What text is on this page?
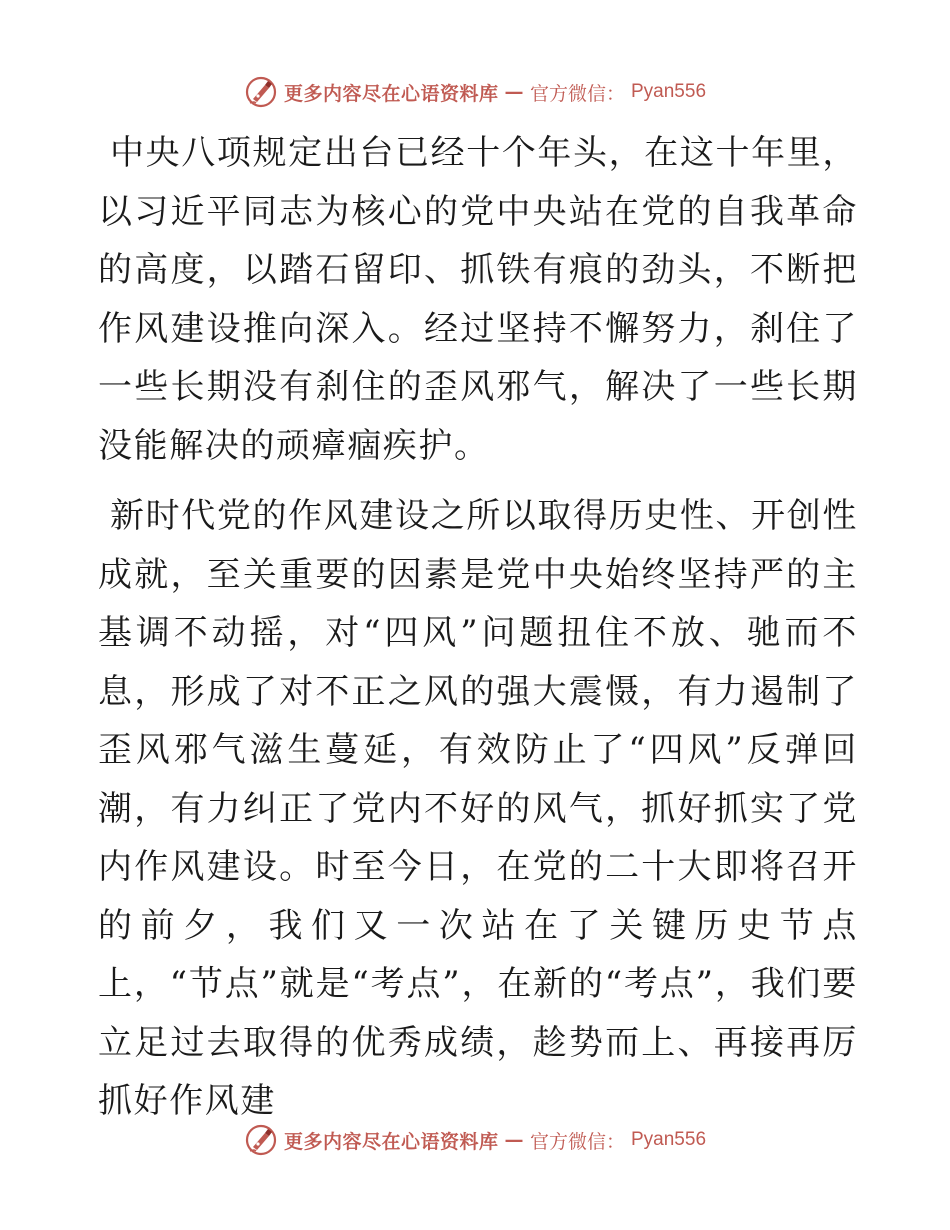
更多内容尽在心语资料库 — 官方微信： Pyan556

中央八项规定出台已经十个年头，在这十年里，以习近平同志为核心的党中央站在党的自我革命的高度，以踏石留印、抓铁有痕的劲头，不断把作风建设推向深入。经过坚持不懈努力，刹住了一些长期没有刹住的歪风邪气，解决了一些长期没能解决的顽瘴痼疾护。

新时代党的作风建设之所以取得历史性、开创性成就，至关重要的因素是党中央始终坚持严的主基调不动摇，对“四风”问题扭住不放、驰而不息，形成了对不正之风的强大震慑，有力遏制了歪风邪气滋生蔓延，有效防止了“四风”反弹回潮，有力纠正了党内不好的风气，抓好抓实了党内作风建设。时至今日，在党的二十大即将召开的前夕，我们又一次站在了关键历史节点上，“节点”就是“考点”，在新的“考点”，我们要立足过去取得的优秀成绩，趁势而上、再接再厉抓好作风建

更多内容尽在心语资料库 — 官方微信： Pyan556
